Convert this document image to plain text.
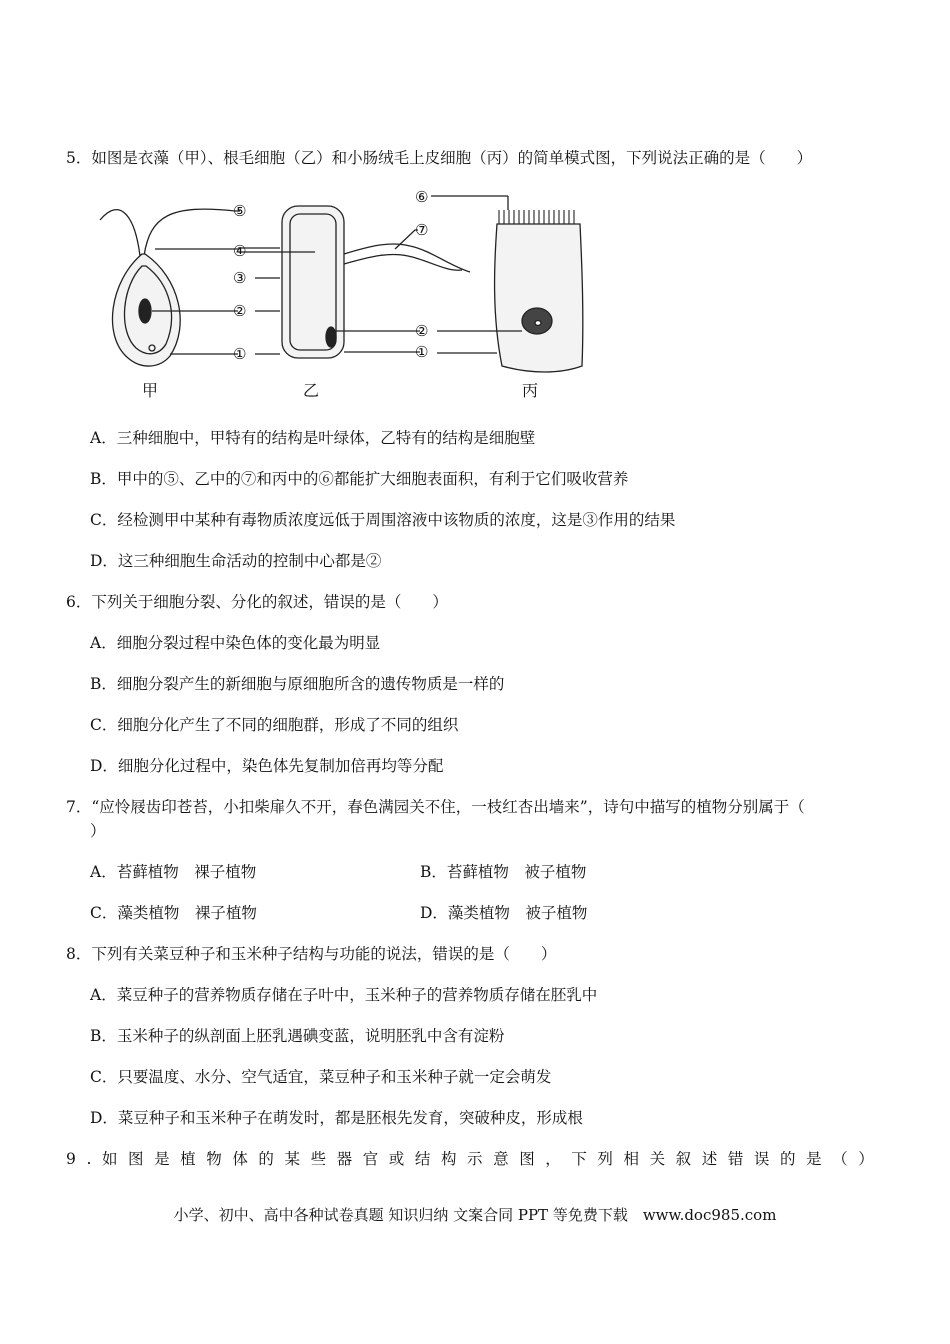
5．如图是衣藻（甲）、根毛细胞（乙）和小肠绒毛上皮细胞（丙）的简单模式图，下列说法正确的是（　　）
⑤
④
③
②
①
⑥
⑦
②
①
甲	乙	丙
A．三种细胞中，甲特有的结构是叶绿体，乙特有的结构是细胞壁
B．甲中的⑤、乙中的⑦和丙中的⑥都能扩大细胞表面积，有利于它们吸收营养
C．经检测甲中某种有毒物质浓度远低于周围溶液中该物质的浓度，这是③作用的结果
D．这三种细胞生命活动的控制中心都是②
6．下列关于细胞分裂、分化的叙述，错误的是（　　）
A．细胞分裂过程中染色体的变化最为明显
B．细胞分裂产生的新细胞与原细胞所含的遗传物质是一样的
C．细胞分化产生了不同的细胞群，形成了不同的组织
D．细胞分化过程中，染色体先复制加倍再均等分配
7．“应怜屐齿印苍苔，小扣柴扉久不开，春色满园关不住，一枝红杏出墙来”，诗句中描写的植物分别属于（
）
A．苔藓植物　裸子植物	B．苔藓植物　被子植物
C．藻类植物　裸子植物	D．藻类植物　被子植物
8．下列有关菜豆种子和玉米种子结构与功能的说法，错误的是（　　）
A．菜豆种子的营养物质存储在子叶中，玉米种子的营养物质存储在胚乳中
B．玉米种子的纵剖面上胚乳遇碘变蓝，说明胚乳中含有淀粉
C．只要温度、水分、空气适宜，菜豆种子和玉米种子就一定会萌发
D．菜豆种子和玉米种子在萌发时，都是胚根先发育，突破种皮，形成根
9 . 如 图 是 植 物 体 的 某 些 器 官 或 结 构 示 意 图 ， 下 列 相 关 叙 述 错 误 的 是 （ ）
小学、初中、高中各种试卷真题 知识归纳 文案合同 PPT 等免费下载　www.doc985.com
